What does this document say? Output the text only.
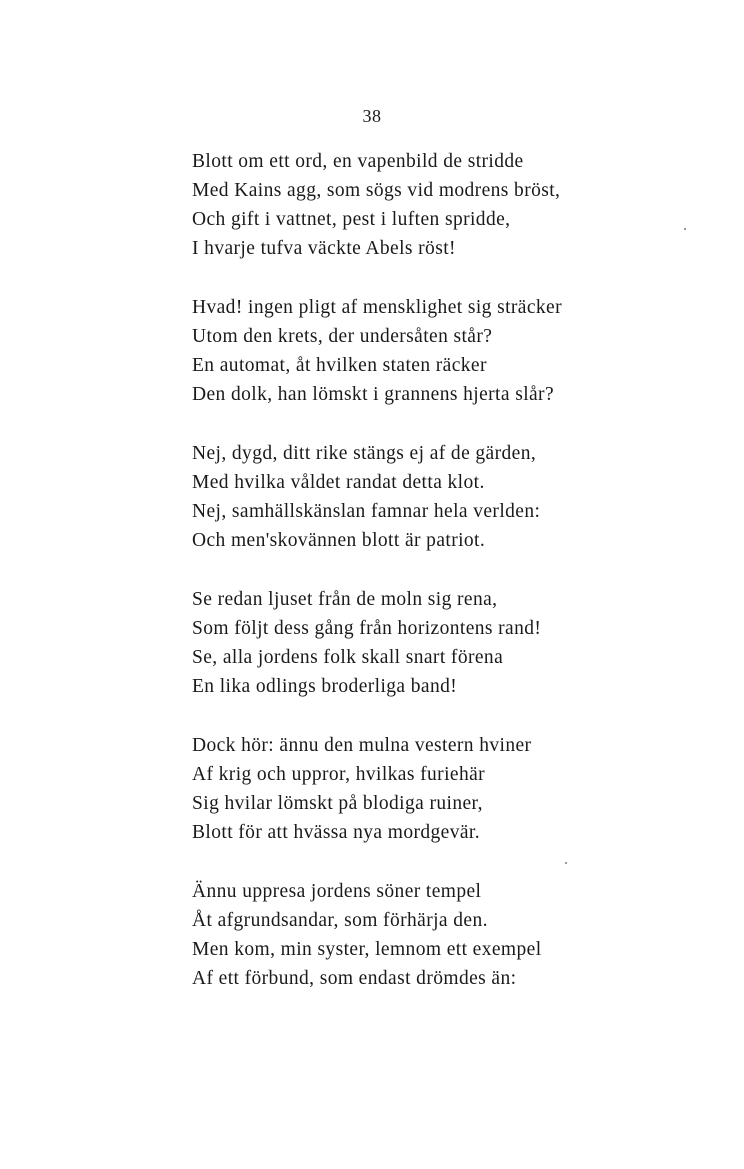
38
Blott om ett ord, en vapenbild de stridde
Med Kains agg, som sögs vid modrens bröst,
Och gift i vattnet, pest i luften spridde,
I hvarje tufva väckte Abels röst!
Hvad! ingen pligt af mensklighet sig sträcker
Utom den krets, der undersåten står?
En automat, åt hvilken staten räcker
Den dolk, han lömskt i grannens hjerta slår?
Nej, dygd, ditt rike stängs ej af de gärden,
Med hvilka våldet randat detta klot.
Nej, samhällskänslan famnar hela verlden:
Och men'skovännen blott är patriot.
Se redan ljuset från de moln sig rena,
Som följt dess gång från horizontens rand!
Se, alla jordens folk skall snart förena
En lika odlings broderliga band!
Dock hör: ännu den mulna vestern hviner
Af krig och uppror, hvilkas furiehär
Sig hvilar lömskt på blodiga ruiner,
Blott för att hvässa nya mordgevär.
Ännu uppresa jordens söner tempel
Åt afgrundsandar, som förhärja den.
Men kom, min syster, lemnom ett exempel
Af ett förbund, som endast drömdes än:
